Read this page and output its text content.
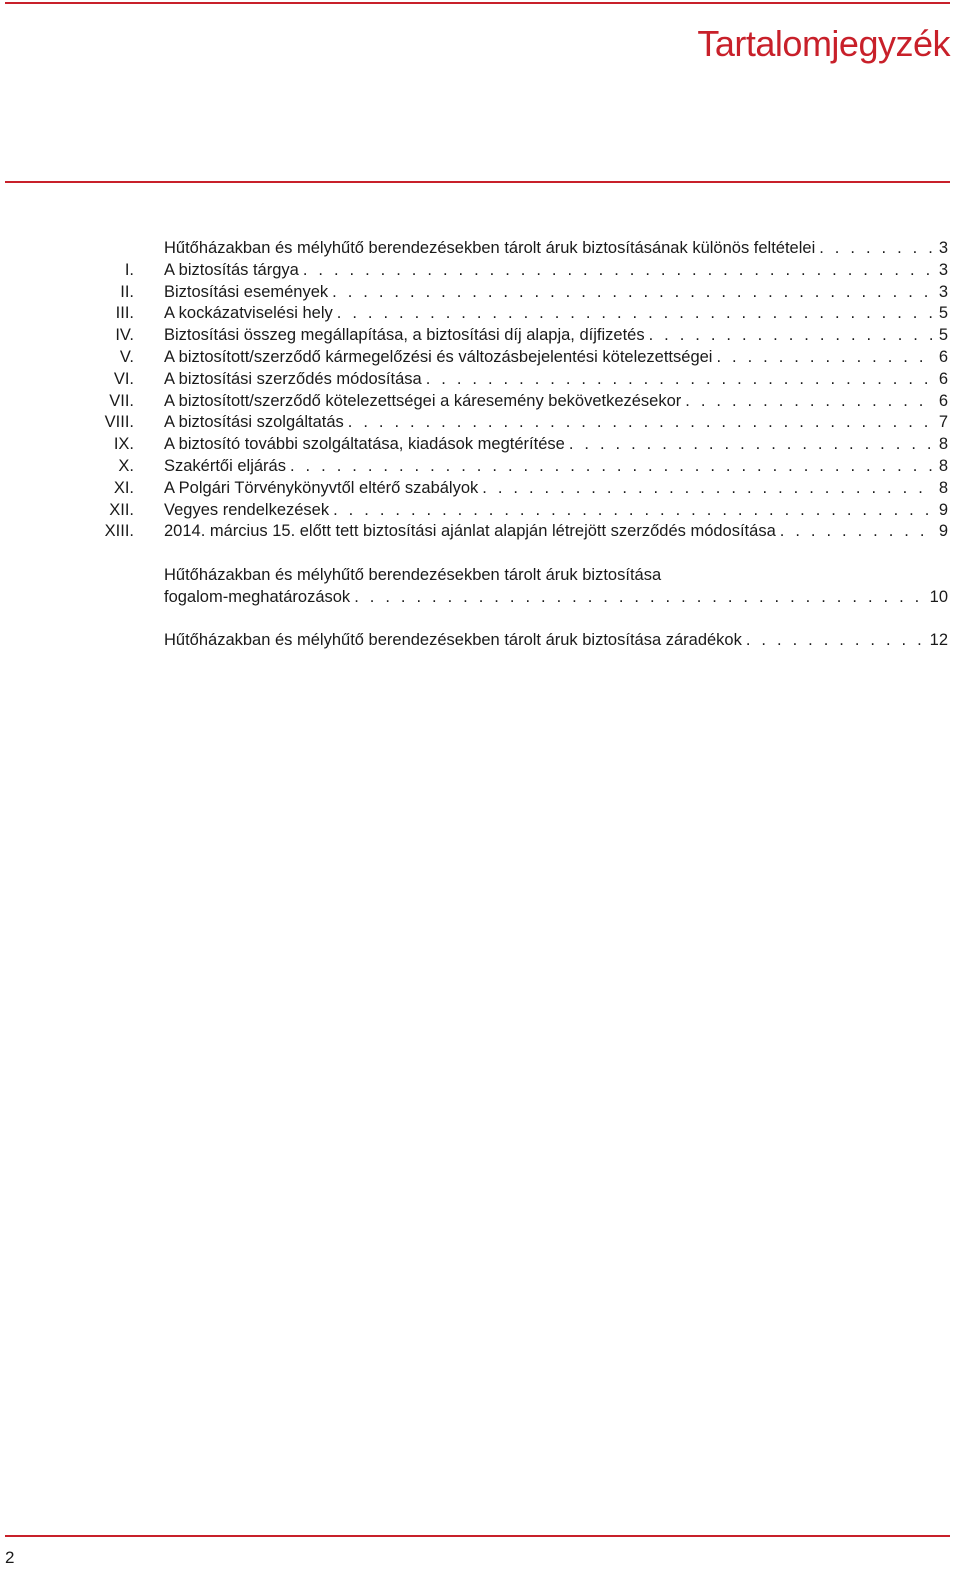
Tartalomjegyzék
Hűtőházakban és mélyhűtő berendezésekben tárolt áruk biztosításának különös feltételei . . .	3
I. A biztosítás tárgya . . .	3
II. Biztosítási események . . .	3
III. A kockázatviselési hely . . .	5
IV. Biztosítási összeg megállapítása, a biztosítási díj alapja, díjfizetés . . .	5
V. A biztosított/szerződő kármegelőzési és változásbejelentési kötelezettségei . . .	6
VI. A biztosítási szerződés módosítása . . .	6
VII. A biztosított/szerződő kötelezettségei a káresemény bekövetkezésekor . . .	6
VIII. A biztosítási szolgáltatás . . .	7
IX. A biztosító további szolgáltatása, kiadások megtérítése . . .	8
X. Szakértői eljárás . . .	8
XI. A Polgári Törvénykönyvtől eltérő szabályok . . .	8
XII. Vegyes rendelkezések . . .	9
XIII. 2014. március 15. előtt tett biztosítási ajánlat alapján létrejött szerződés módosítása . . .	9
Hűtőházakban és mélyhűtő berendezésekben tárolt áruk biztosítása
fogalom-meghatározások . . .	10
Hűtőházakban és mélyhűtő berendezésekben tárolt áruk biztosítása záradékok . . .	12
2
